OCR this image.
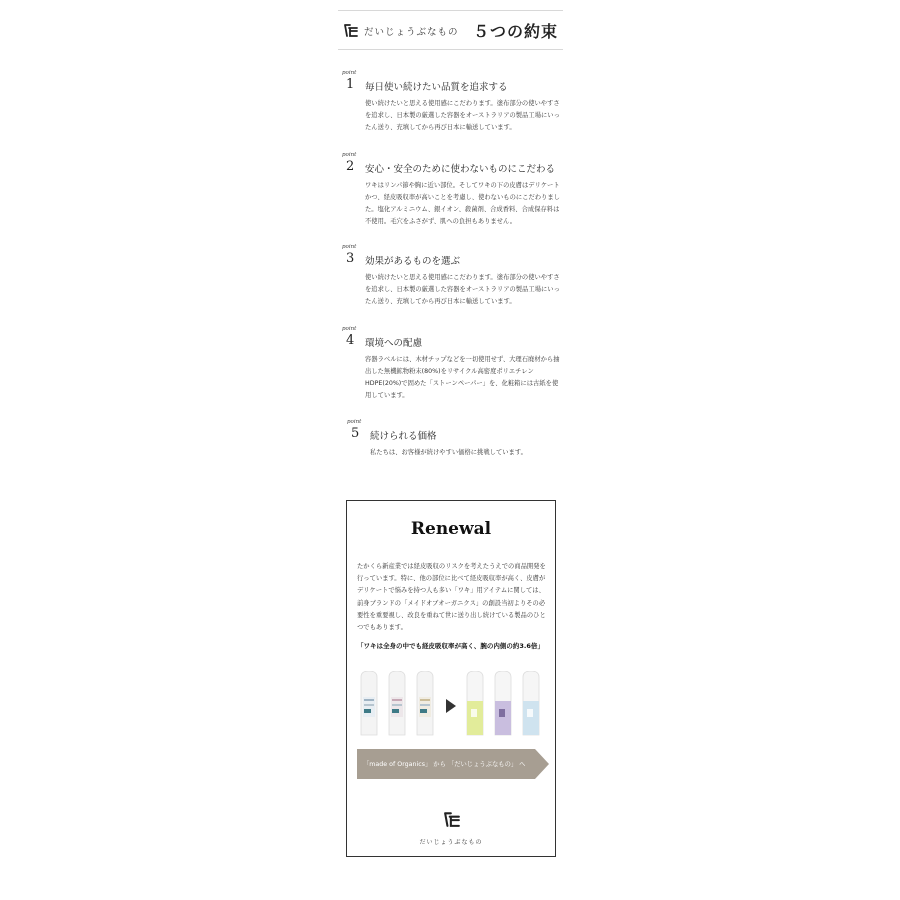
だいじょうぶなもの ５つの約束
point
1 毎日使い続けたい品質を追求する
使い続けたいと思える使用感にこだわります。塗布部分の使いやすさを追求し、日本製の厳選した容器をオーストラリアの製品工場にいったん送り、充填してから再び日本に輸送しています。
point
2 安心・安全のために使わないものにこだわる
ワキはリンパ節や胸に近い部位。そしてワキの下の皮膚はデリケートかつ、経皮吸収率が高いことを考慮し、使わないものにこだわりました。塩化アルミニウム、銀イオン、殺菌剤、合成香料、合成保存料は不使用。毛穴をふさがず、肌への負担もありません。
point
3 効果があるものを選ぶ
使い続けたいと思える使用感にこだわります。塗布部分の使いやすさを追求し、日本製の厳選した容器をオーストラリアの製品工場にいったん送り、充填してから再び日本に輸送しています。
point
4 環境への配慮
容器ラベルには、木材チップなどを一切使用せず、大理石廃材から抽出した無機鉱物粉末(80%)をリサイクル高密度ポリエチレンHDPE(20%)で固めた「ストーンペーパー」を、化粧箱には古紙を使用しています。
point
5 続けられる価格
私たちは、お客様が続けやすい価格に挑戦しています。
Renewal
たかくら新産業では経皮吸収のリスクを考えたうえでの商品開発を行っています。特に、他の部位に比べて経皮吸収率が高く、皮膚がデリケートで悩みを持つ人も多い「ワキ」用アイテムに関しては、前身ブランドの「メイドオブオーガニクス」の創設当初よりその必要性を重要視し、改良を重ねて世に送り出し続けている製品のひとつでもあります。
「ワキは全身の中でも経皮吸収率が高く、腕の内側の約3.6倍」
「made of Organics」 から 「だいじょうぶなもの」 へ
だいじょうぶなもの
